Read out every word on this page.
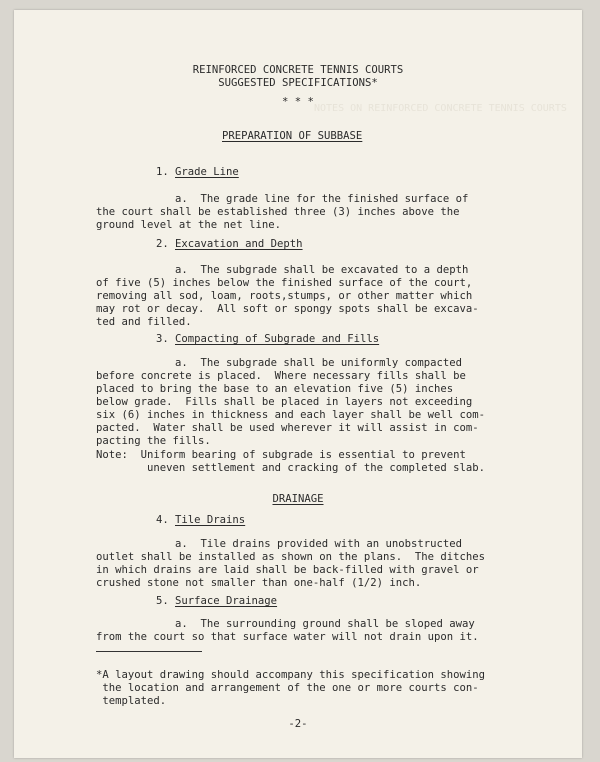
NOTES ON REINFORCED CONCRETE TENNIS COURTS
REINFORCED CONCRETE TENNIS COURTS
SUGGESTED SPECIFICATIONS*
* * *
PREPARATION OF SUBBASE
1. Grade Line
a.  The grade line for the finished surface of
the court shall be established three (3) inches above the
ground level at the net line.
2. Excavation and Depth
a.  The subgrade shall be excavated to a depth
of five (5) inches below the finished surface of the court,
removing all sod, loam, roots,stumps, or other matter which
may rot or decay.  All soft or spongy spots shall be excava-
ted and filled.
3. Compacting of Subgrade and Fills
a.  The subgrade shall be uniformly compacted
before concrete is placed.  Where necessary fills shall be
placed to bring the base to an elevation five (5) inches
below grade.  Fills shall be placed in layers not exceeding
six (6) inches in thickness and each layer shall be well com-
pacted.  Water shall be used wherever it will assist in com-
pacting the fills.
Note:  Uniform bearing of subgrade is essential to prevent
uneven settlement and cracking of the completed slab.
DRAINAGE
4. Tile Drains
a.  Tile drains provided with an unobstructed
outlet shall be installed as shown on the plans.  The ditches
in which drains are laid shall be back-filled with gravel or
crushed stone not smaller than one-half (1/2) inch.
5. Surface Drainage
a.  The surrounding ground shall be sloped away
from the court so that surface water will not drain upon it.
*A layout drawing should accompany this specification showing
the location and arrangement of the one or more courts con-
templated.
-2-
